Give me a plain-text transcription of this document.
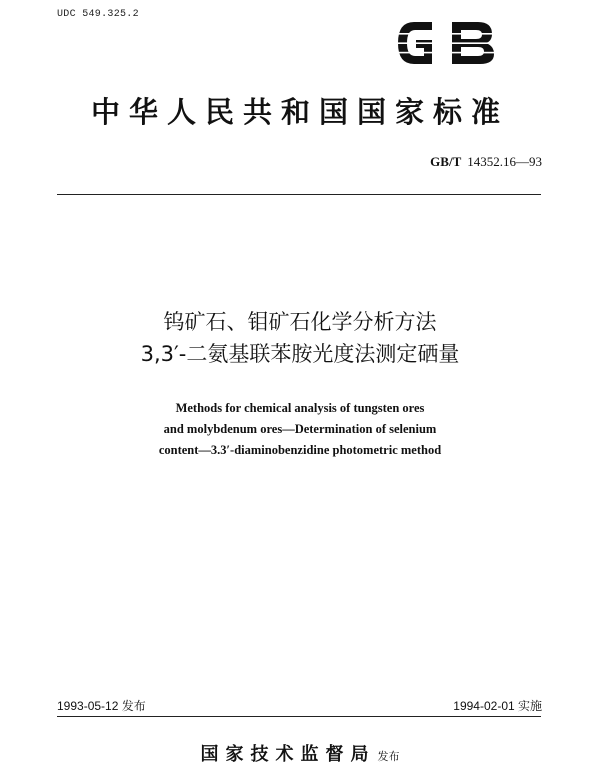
UDC 549.325.2
中华人民共和国国家标准
GB/T 14352.16—93
钨矿石、钼矿石化学分析方法
3,3′-二氨基联苯胺光度法测定硒量
Methods for chemical analysis of tungsten ores
and molybdenum ores—Determination of selenium
content—3.3′-diaminobenzidine photometric method
1993-05-12 发布	1994-02-01 实施
国家技术监督局 发布
